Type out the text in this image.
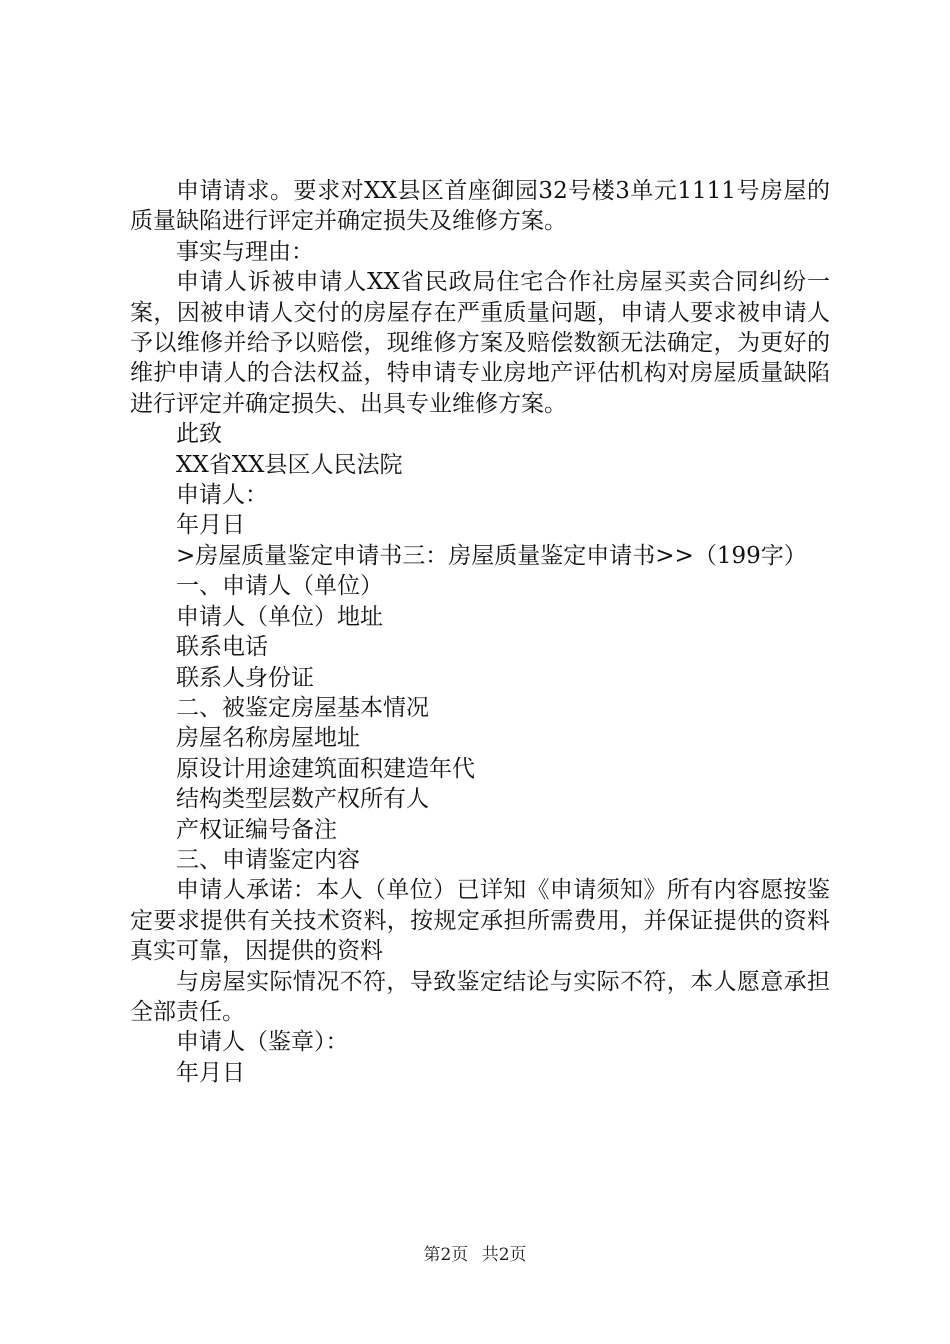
申请请求。要求对XX县区首座御园32号楼3单元1111号房屋的质量缺陷进行评定并确定损失及维修方案。

事实与理由：

申请人诉被申请人XX省民政局住宅合作社房屋买卖合同纠纷一案，因被申请人交付的房屋存在严重质量问题，申请人要求被申请人予以维修并给予以赔偿，现维修方案及赔偿数额无法确定，为更好的维护申请人的合法权益，特申请专业房地产评估机构对房屋质量缺陷进行评定并确定损失、出具专业维修方案。

此致

XX省XX县区人民法院

申请人：

年月日

>房屋质量鉴定申请书三：房屋质量鉴定申请书>>（199字）

一、申请人（单位）

申请人（单位）地址

联系电话

联系人身份证

二、被鉴定房屋基本情况

房屋名称房屋地址

原设计用途建筑面积建造年代

结构类型层数产权所有人

产权证编号备注

三、申请鉴定内容

申请人承诺：本人（单位）已详知《申请须知》所有内容愿按鉴定要求提供有关技术资料，按规定承担所需费用，并保证提供的资料真实可靠，因提供的资料

与房屋实际情况不符，导致鉴定结论与实际不符，本人愿意承担全部责任。

申请人（鉴章）：

年月日

第2页 共2页
